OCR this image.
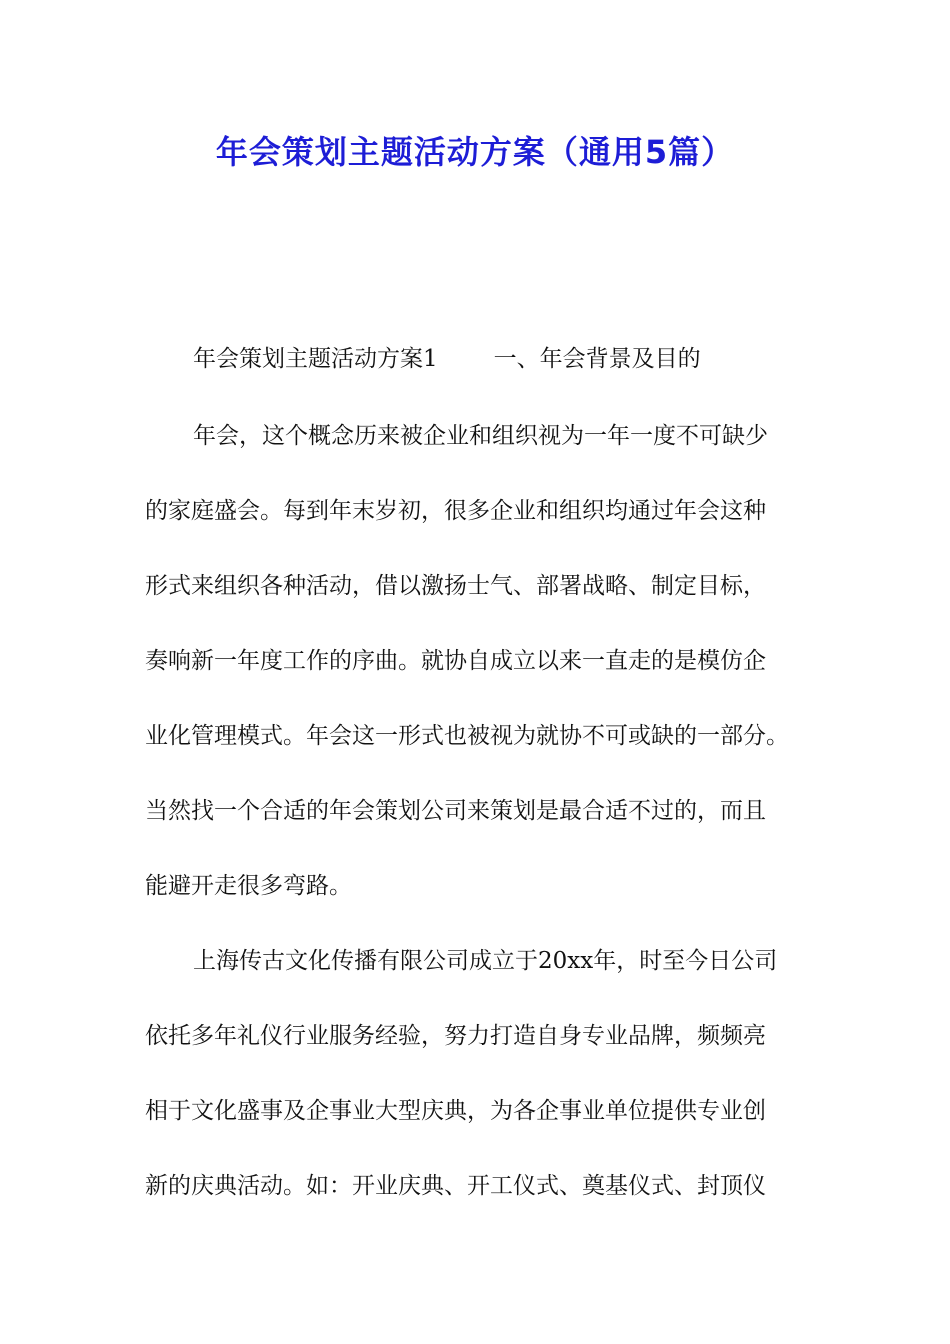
年会策划主题活动方案（通用5篇）
年会策划主题活动方案1 一、年会背景及目的
年会，这个概念历来被企业和组织视为一年一度不可缺少
的家庭盛会。每到年末岁初，很多企业和组织均通过年会这种
形式来组织各种活动，借以激扬士气、部署战略、制定目标，
奏响新一年度工作的序曲。就协自成立以来一直走的是模仿企
业化管理模式。年会这一形式也被视为就协不可或缺的一部分。
当然找一个合适的年会策划公司来策划是最合适不过的，而且
能避开走很多弯路。
上海传古文化传播有限公司成立于20xx年，时至今日公司
依托多年礼仪行业服务经验，努力打造自身专业品牌，频频亮
相于文化盛事及企事业大型庆典，为各企事业单位提供专业创
新的庆典活动。如：开业庆典、开工仪式、奠基仪式、封顶仪
